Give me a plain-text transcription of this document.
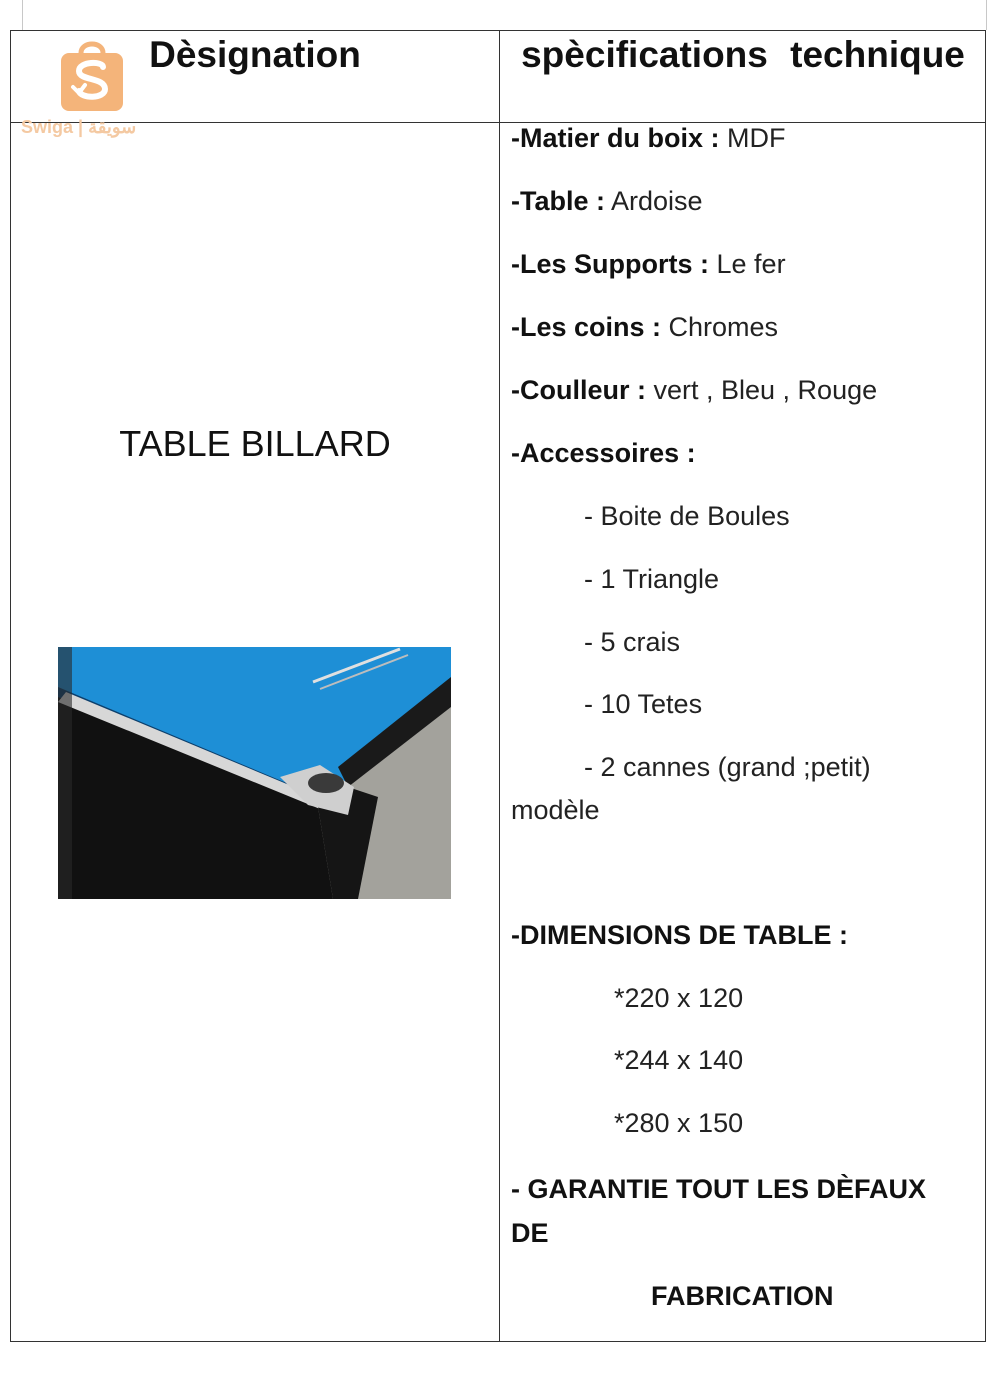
Dèsignation	spècifications technique
Swiga | سويقة
TABLE BILLARD
-Matier du boix : MDF
-Table : Ardoise
-Les Supports : Le fer
-Les coins : Chromes
-Coulleur : vert , Bleu , Rouge
-Accessoires :
- Boite de Boules
- 1 Triangle
- 5 crais
- 10 Tetes
- 2 cannes (grand ;petit)
modèle
-DIMENSIONS DE TABLE :
*220 x 120
*244 x 140
*280 x 150
- GARANTIE TOUT LES DÈFAUX
DE
FABRICATION
